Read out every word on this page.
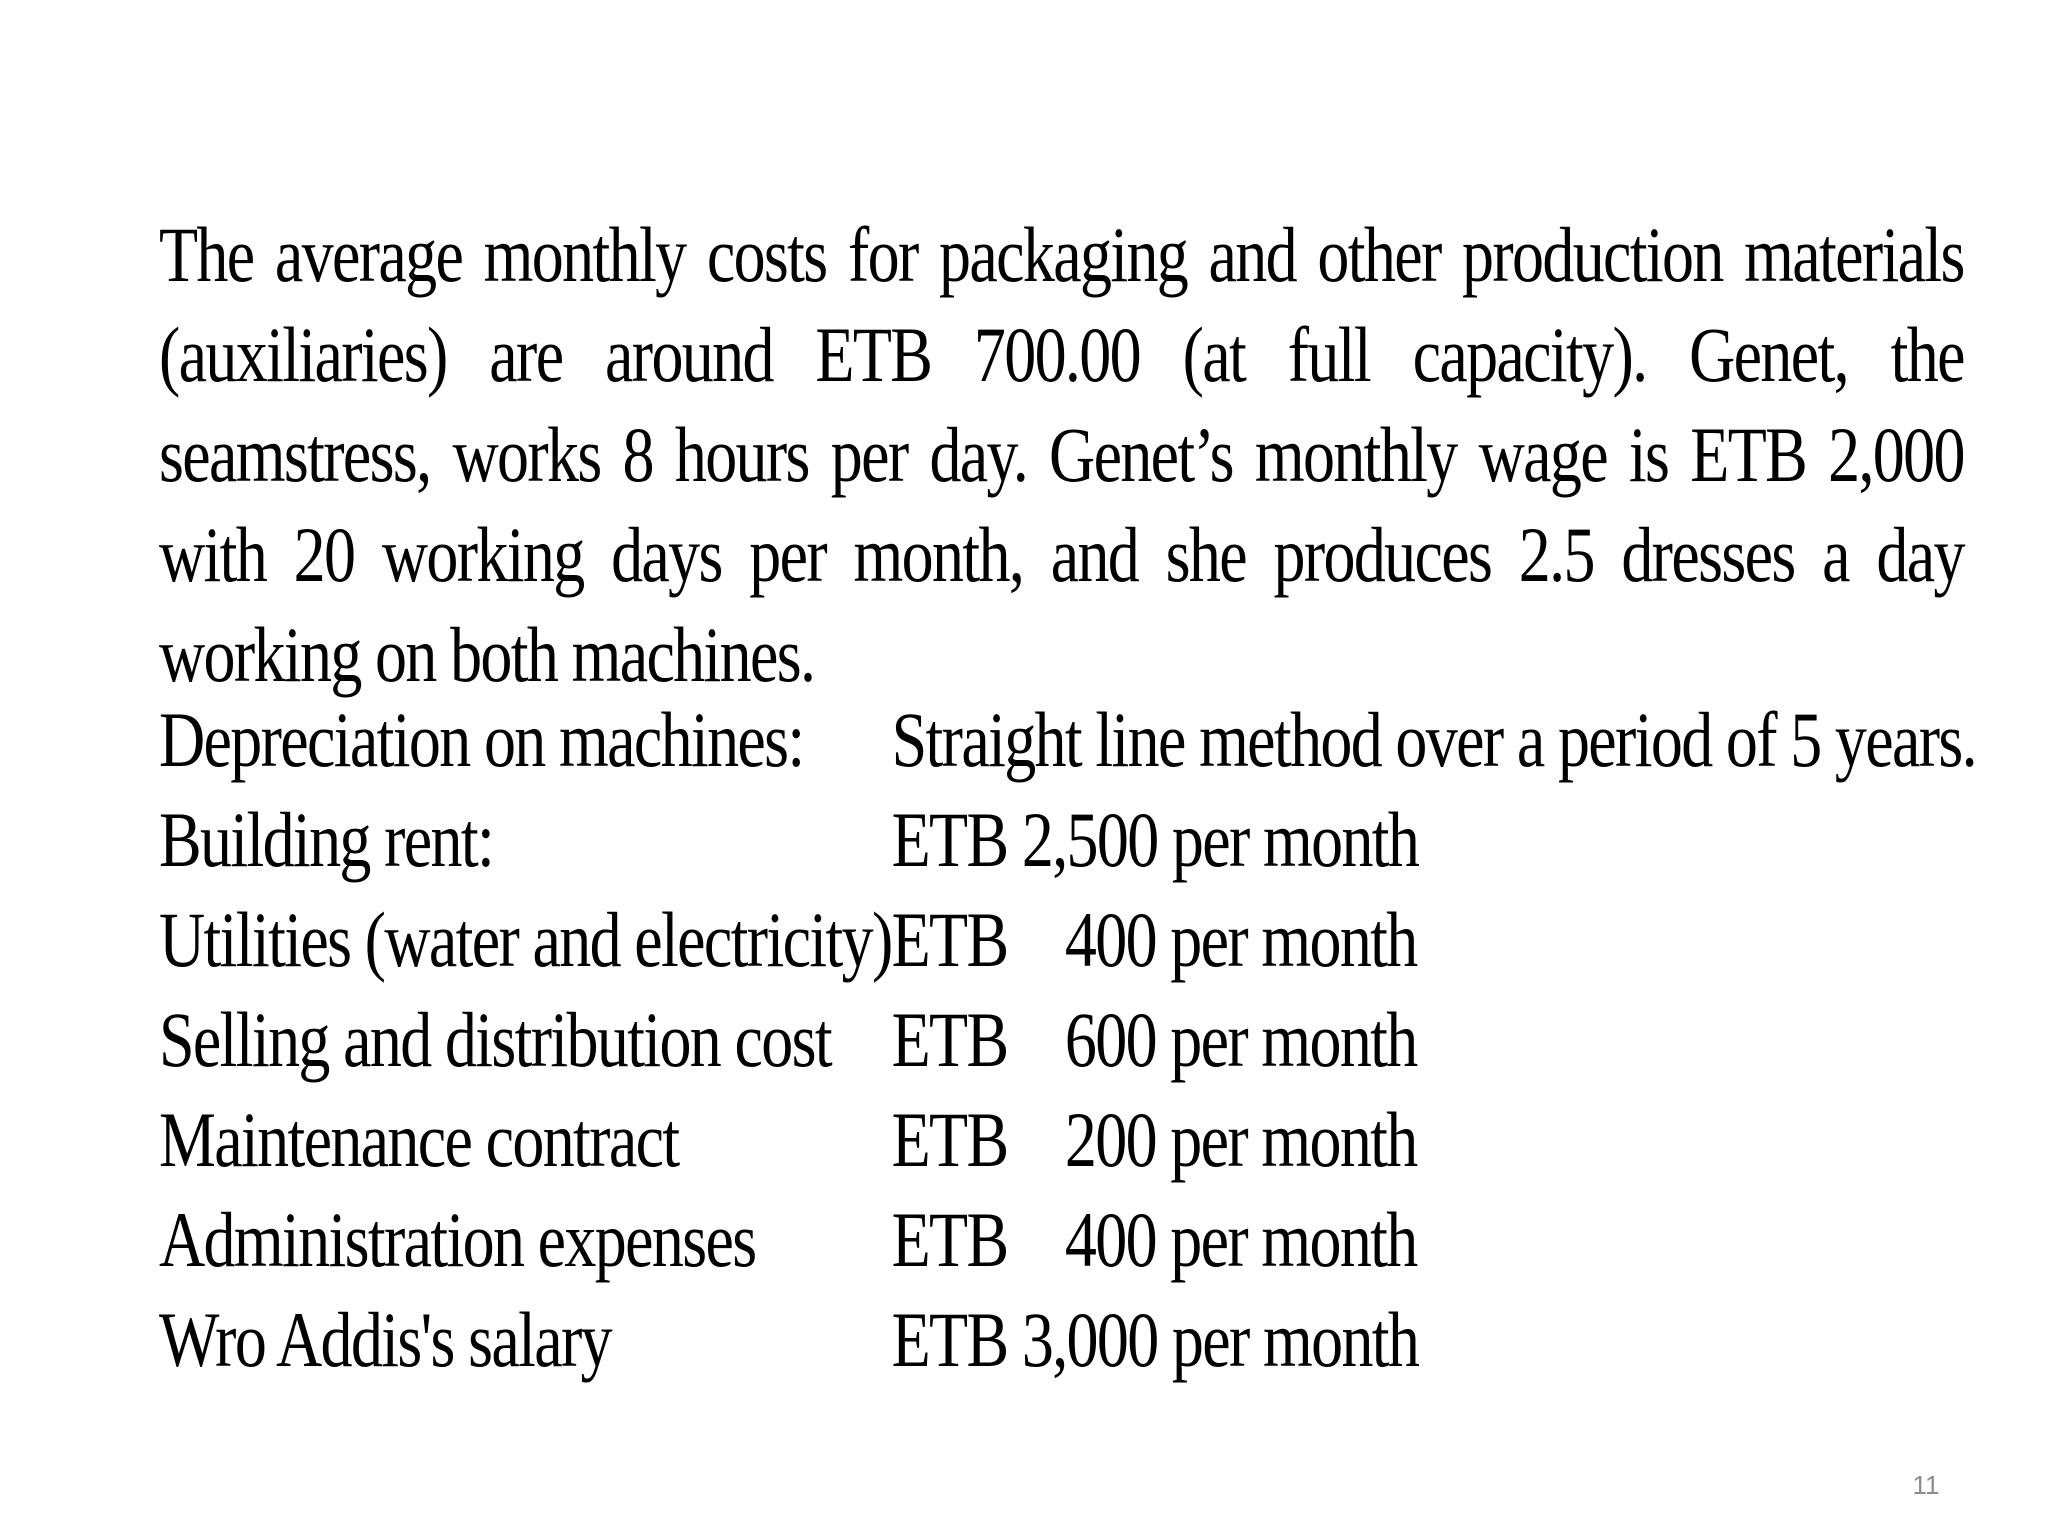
The average monthly costs for packaging and other production materials (auxiliaries) are around ETB 700.00 (at full capacity). Genet, the seamstress, works 8 hours per day. Genet’s monthly wage is ETB 2,000 with 20 working days per month, and she produces 2.5 dresses a day working on both machines.

Depreciation on machines:	Straight line method over a period of 5 years.
Building rent:	ETB 2,500 per month
Utilities (water and electricity)	ETB    400 per month
Selling and distribution cost	ETB    600 per month
Maintenance contract	ETB    200 per month
Administration expenses	ETB    400 per month
Wro Addis's salary	ETB 3,000 per month
11
